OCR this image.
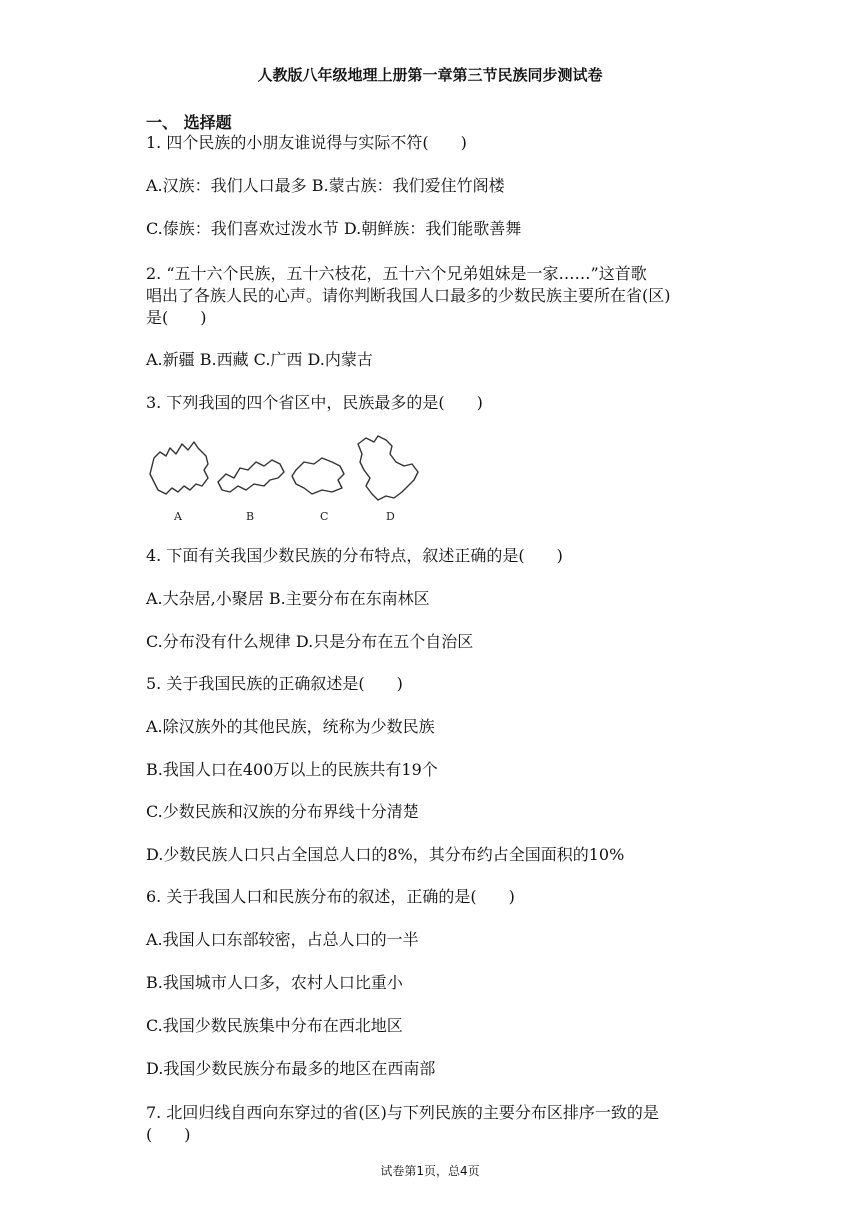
人教版八年级地理上册第一章第三节民族同步测试卷
一、 选择题
1. 四个民族的小朋友谁说得与实际不符(　　)
A.汉族：我们人口最多 B.蒙古族：我们爱住竹阁楼
C.傣族：我们喜欢过泼水节 D.朝鲜族：我们能歌善舞
2. “五十六个民族，五十六枝花，五十六个兄弟姐妹是一家……”这首歌
唱出了各族人民的心声。请你判断我国人口最多的少数民族主要所在省(区)
是(　　)
A.新疆 B.西藏 C.广西 D.内蒙古
3. 下列我国的四个省区中，民族最多的是(　　)
A	B	C	D
4. 下面有关我国少数民族的分布特点，叙述正确的是(　　)
A.大杂居,小聚居 B.主要分布在东南林区
C.分布没有什么规律 D.只是分布在五个自治区
5. 关于我国民族的正确叙述是(　　)
A.除汉族外的其他民族，统称为少数民族
B.我国人口在400万以上的民族共有19个
C.少数民族和汉族的分布界线十分清楚
D.少数民族人口只占全国总人口的8%，其分布约占全国面积的10%
6. 关于我国人口和民族分布的叙述，正确的是(　　)
A.我国人口东部较密，占总人口的一半
B.我国城市人口多，农村人口比重小
C.我国少数民族集中分布在西北地区
D.我国少数民族分布最多的地区在西南部
7. 北回归线自西向东穿过的省(区)与下列民族的主要分布区排序一致的是
(　　)
试卷第1页，总4页
